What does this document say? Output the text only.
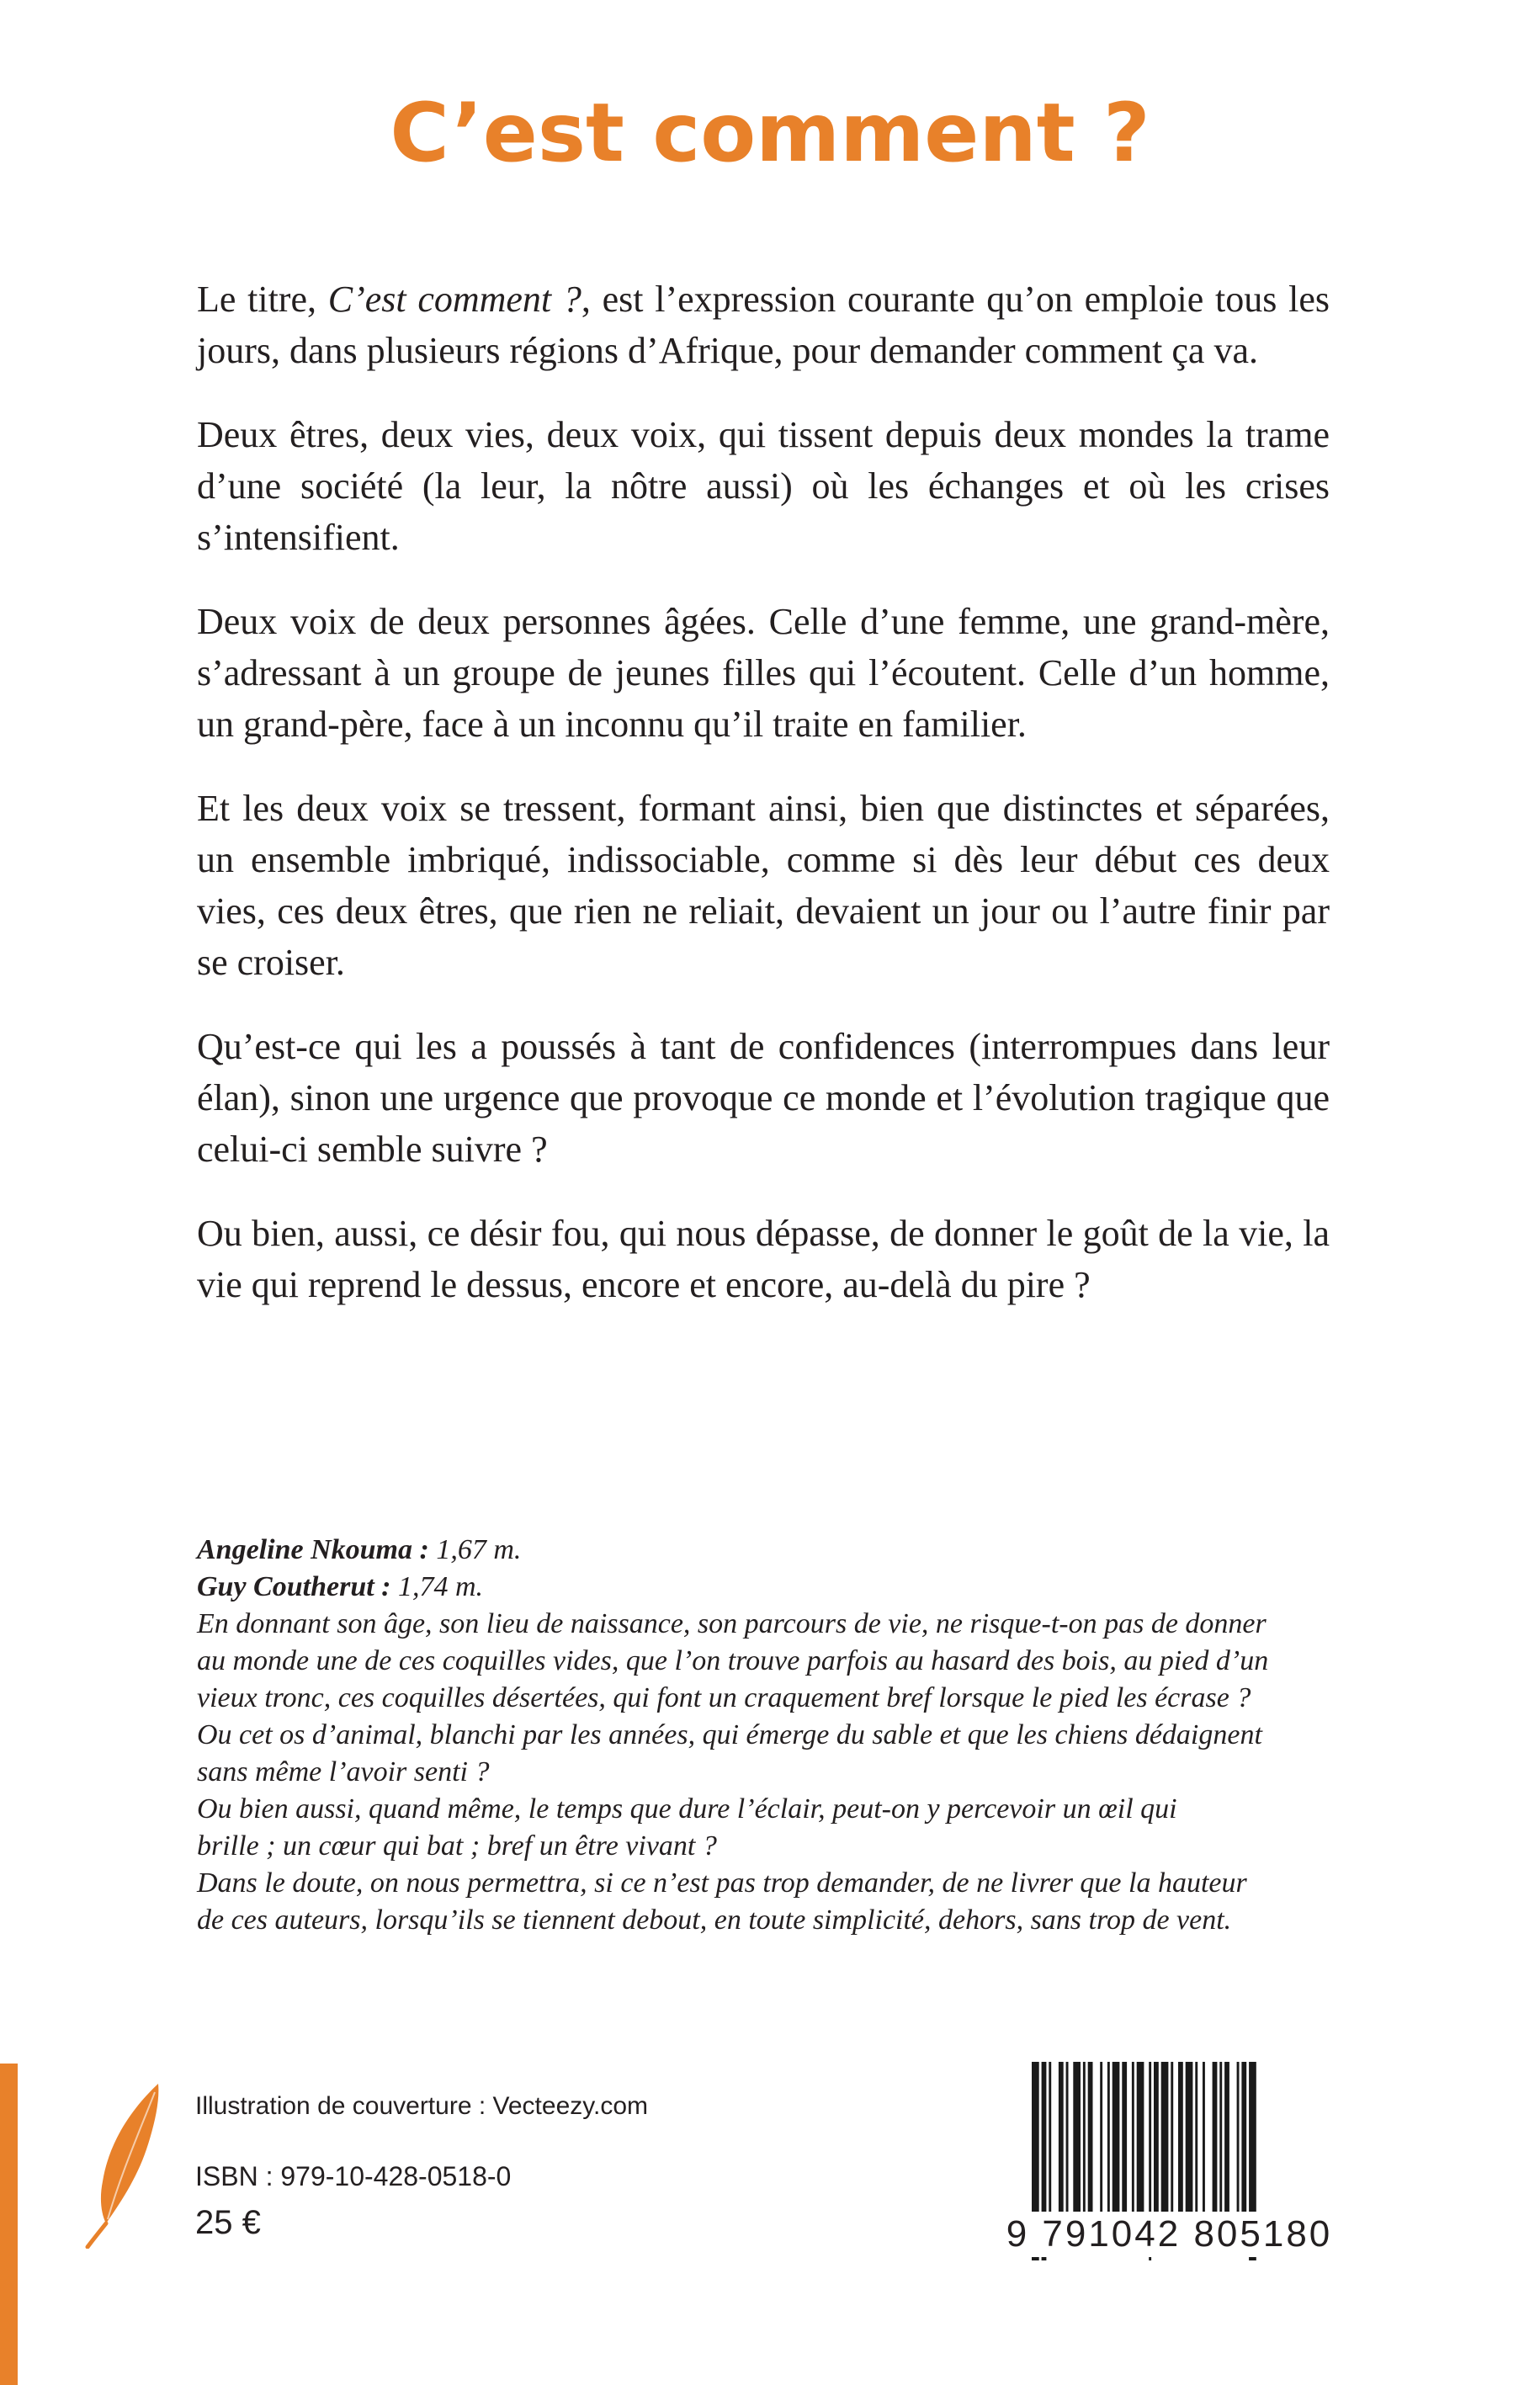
C’est comment ?

Le titre, C’est comment ?, est l’expression courante qu’on emploie tous les jours, dans plusieurs régions d’Afrique, pour demander comment ça va.

Deux êtres, deux vies, deux voix, qui tissent depuis deux mondes la trame d’une société (la leur, la nôtre aussi) où les échanges et où les crises s’intensifient.

Deux voix de deux personnes âgées. Celle d’une femme, une grand-mère, s’adressant à un groupe de jeunes filles qui l’écoutent. Celle d’un homme, un grand-père, face à un inconnu qu’il traite en familier.

Et les deux voix se tressent, formant ainsi, bien que distinctes et séparées, un ensemble imbriqué, indissociable, comme si dès leur début ces deux vies, ces deux êtres, que rien ne reliait, devaient un jour ou l’autre finir par se croiser.

Qu’est-ce qui les a poussés à tant de confidences (interrompues dans leur élan), sinon une urgence que provoque ce monde et l’évolution tragique que celui-ci semble suivre ?

Ou bien, aussi, ce désir fou, qui nous dépasse, de donner le goût de la vie, la vie qui reprend le dessus, encore et encore, au-delà du pire ?

Angeline Nkouma : 1,67 m.
Guy Coutherut : 1,74 m.
En donnant son âge, son lieu de naissance, son parcours de vie, ne risque-t-on pas de donner
au monde une de ces coquilles vides, que l’on trouve parfois au hasard des bois, au pied d’un
vieux tronc, ces coquilles désertées, qui font un craquement bref lorsque le pied les écrase ?
Ou cet os d’animal, blanchi par les années, qui émerge du sable et que les chiens dédaignent
sans même l’avoir senti ?
Ou bien aussi, quand même, le temps que dure l’éclair, peut-on y percevoir un œil qui
brille ; un cœur qui bat ; bref un être vivant ?
Dans le doute, on nous permettra, si ce n’est pas trop demander, de ne livrer que la hauteur
de ces auteurs, lorsqu’ils se tiennent debout, en toute simplicité, dehors, sans trop de vent.
Illustration de couverture : Vecteezy.com
ISBN : 979-10-428-0518-0
25 €	9 791042 805180
